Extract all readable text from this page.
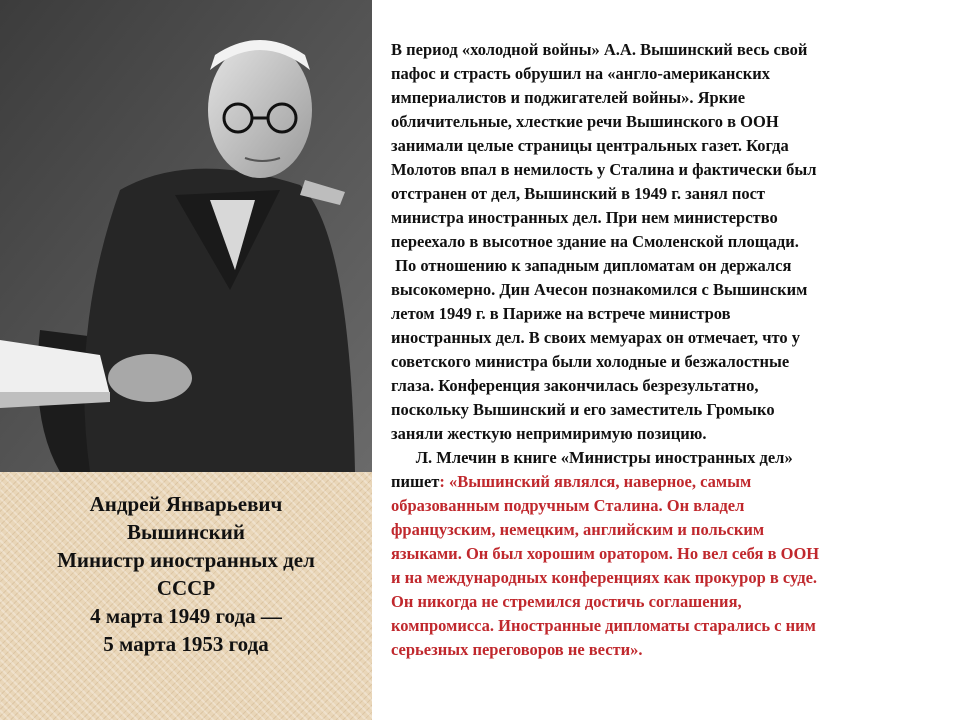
Андрей Январьевич
Вышинский
Министр иностранных дел
СССР
4 марта 1949 года —
5 марта 1953 года
В период «холодной войны» А.А. Вышинский весь свой
пафос и страсть обрушил на «англо-американских
империалистов и поджигателей войны». Яркие
обличительные, хлесткие речи Вышинского в ООН
занимали целые страницы центральных газет. Когда
Молотов впал в немилость у Сталина и фактически был
отстранен от дел, Вышинский в 1949 г. занял пост
министра иностранных дел. При нем министерство
переехало в высотное здание на Смоленской площади.
По отношению к западным дипломатам он держался
высокомерно. Дин Ачесон познакомился с Вышинским
летом 1949 г. в Париже на встрече министров
иностранных дел. В своих мемуарах он отмечает, что у
советского министра были холодные и безжалостные
глаза. Конференция закончилась безрезультатно,
поскольку Вышинский и его заместитель Громыко
заняли жесткую непримиримую позицию.
Л. Млечин в книге «Министры иностранных дел»
пишет: «Вышинский являлся, наверное, самым
образованным подручным Сталина. Он владел
французским, немецким, английским и польским
языками. Он был хорошим оратором. Но вел себя в ООН
и на международных конференциях как прокурор в суде.
Он никогда не стремился достичь соглашения,
компромисса. Иностранные дипломаты старались с ним
серьезных переговоров не вести».
